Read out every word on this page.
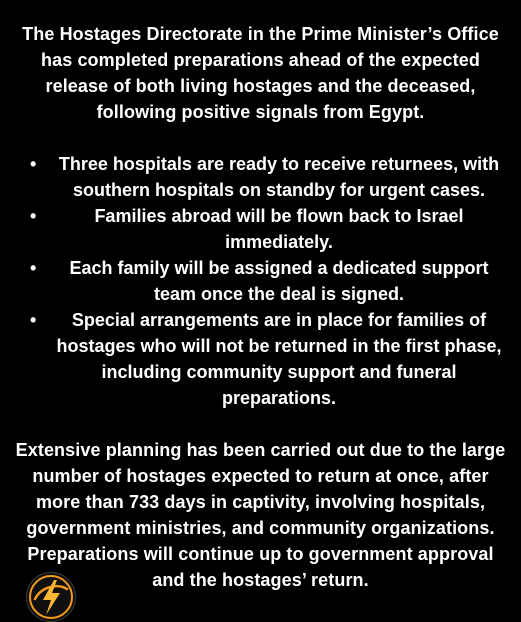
The Hostages Directorate in the Prime Minister’s Office has completed preparations ahead of the expected release of both living hostages and the deceased, following positive signals from Egypt.

•	Three hospitals are ready to receive returnees, with southern hospitals on standby for urgent cases.
•	Families abroad will be flown back to Israel immediately.
•	Each family will be assigned a dedicated support team once the deal is signed.
•	Special arrangements are in place for families of hostages who will not be returned in the first phase, including community support and funeral preparations.

Extensive planning has been carried out due to the large number of hostages expected to return at once, after more than 733 days in captivity, involving hospitals, government ministries, and community organizations. Preparations will continue up to government approval and the hostages’ return.
